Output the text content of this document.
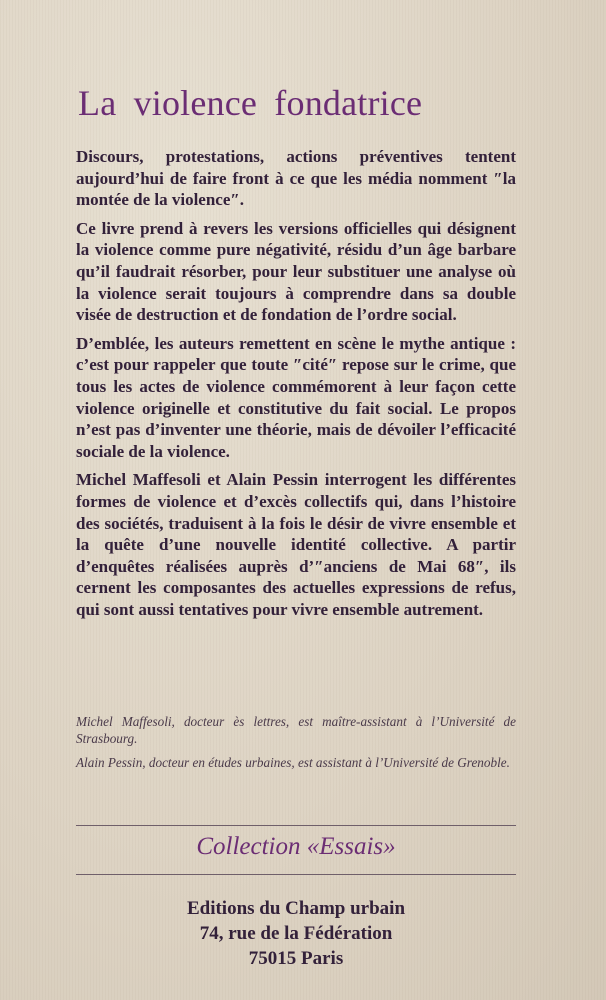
La violence fondatrice

Discours, protestations, actions préventives tentent aujourd’hui de faire front à ce que les média nomment ″la montée de la violence″.

Ce livre prend à revers les versions officielles qui désignent la violence comme pure négativité, résidu d’un âge barbare qu’il faudrait résorber, pour leur substituer une analyse où la violence serait toujours à comprendre dans sa double visée de destruction et de fondation de l’ordre social.

D’emblée, les auteurs remettent en scène le mythe antique : c’est pour rappeler que toute ″cité″ repose sur le crime, que tous les actes de violence commémorent à leur façon cette violence originelle et constitutive du fait social. Le propos n’est pas d’inventer une théorie, mais de dévoiler l’efficacité sociale de la violence.

Michel Maffesoli et Alain Pessin interrogent les différentes formes de violence et d’excès collectifs qui, dans l’histoire des sociétés, traduisent à la fois le désir de vivre ensemble et la quête d’une nouvelle identité collective. A partir d’enquêtes réalisées auprès d’″anciens de Mai 68″, ils cernent les composantes des actuelles expressions de refus, qui sont aussi tentatives pour vivre ensemble autrement.

Michel Maffesoli, docteur ès lettres, est maître-assistant à l’Université de Strasbourg.

Alain Pessin, docteur en études urbaines, est assistant à l’Université de Grenoble.

Collection «Essais»
Editions du Champ urbain
74, rue de la Fédération
75015 Paris
